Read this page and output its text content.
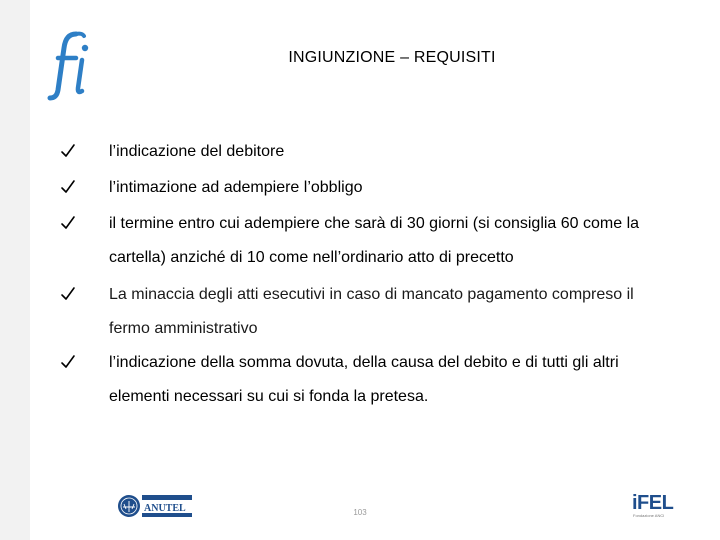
INGIUNZIONE – REQUISITI
l’indicazione del debitore
l’intimazione ad adempiere l’obbligo
il termine entro cui adempiere che sarà di 30 giorni (si consiglia 60 come la cartella) anziché di 10 come nell’ordinario atto di precetto
La minaccia degli atti esecutivi in caso di mancato pagamento compreso il fermo amministrativo
l’indicazione della somma dovuta, della causa del debito e di tutti gli altri elementi necessari su cui si fonda la pretesa.
ANUTEL	103	iFEL
Fondazione ANCI
